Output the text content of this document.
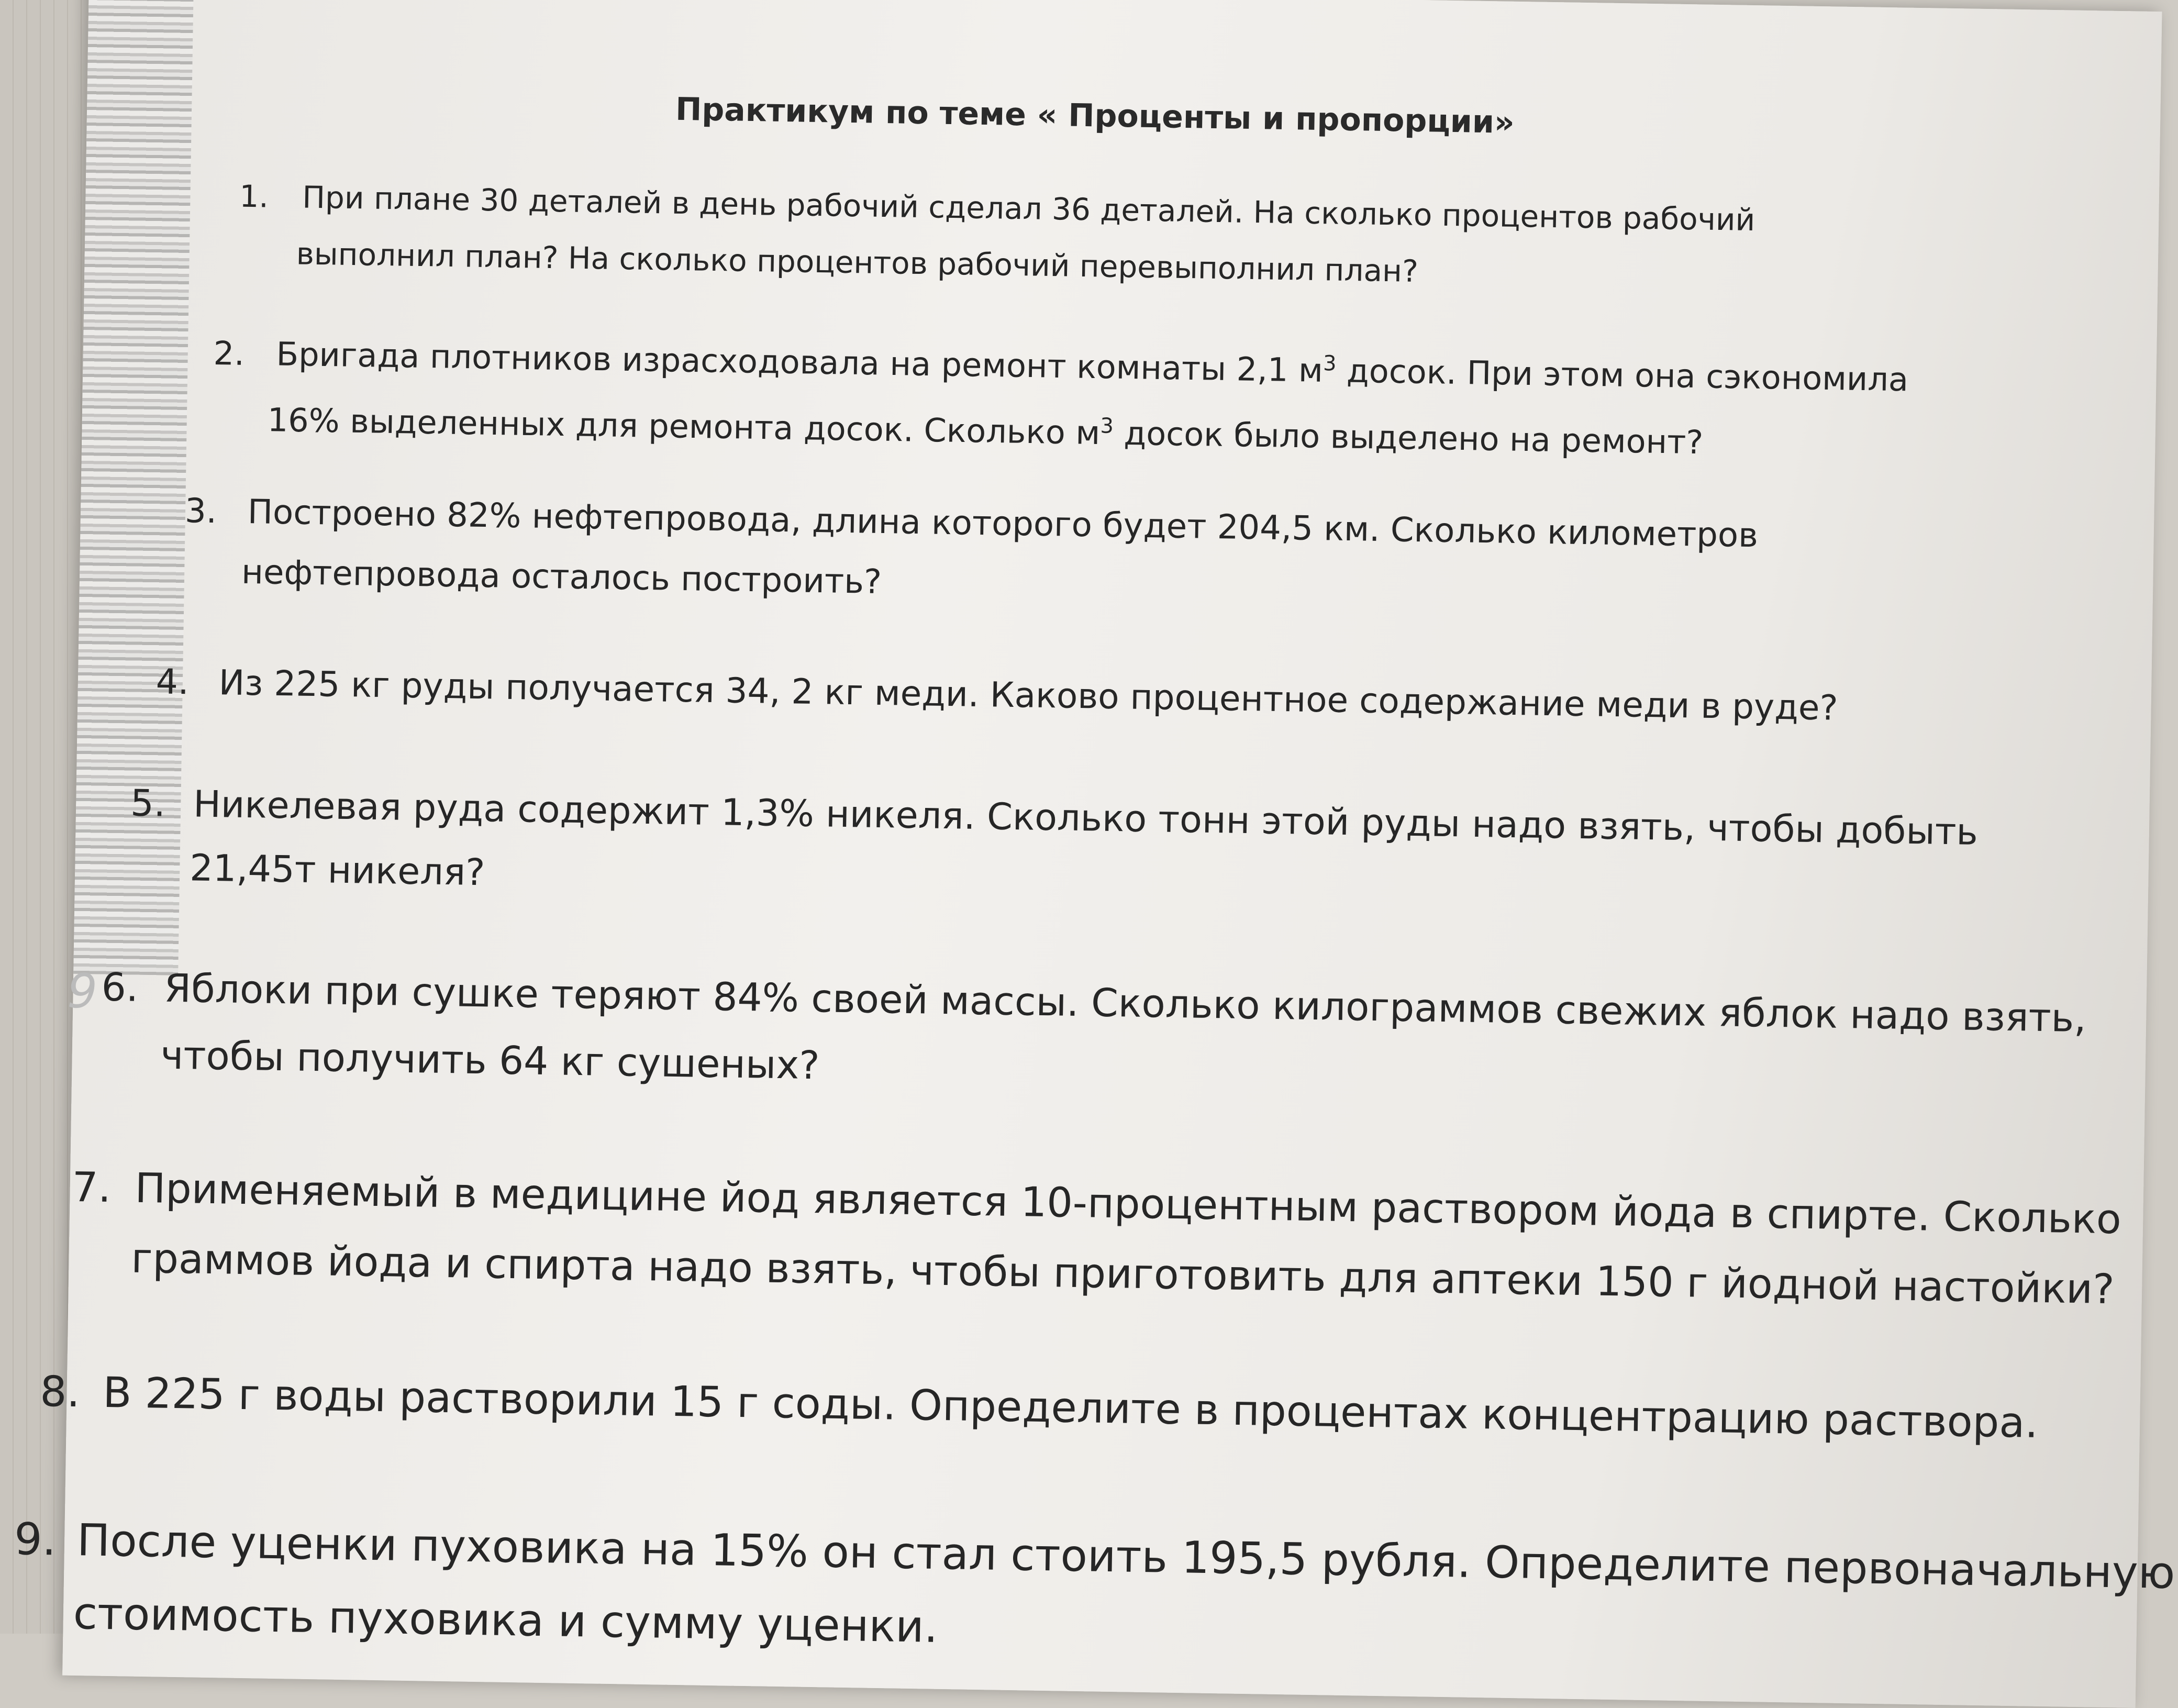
Практикум по теме « Проценты и пропорции»
9
1. При плане 30 деталей в день рабочий сделал 36 деталей. На сколько процентов рабочий
выполнил план? На сколько процентов рабочий перевыполнил план?
2. Бригада плотников израсходовала на ремонт комнаты 2,1 $м^3$ досок. При этом она сэкономила
16% выделенных для ремонта досок. Сколько $м^3$ досок было выделено на ремонт?
3. Построено 82% нефтепровода, длина которого будет 204,5 км. Сколько километров
нефтепровода осталось построить?
4. Из 225 кг руды получается 34, 2 кг меди. Каково процентное содержание меди в руде?
5. Никелевая руда содержит 1,3% никеля. Сколько тонн этой руды надо взять, чтобы добыть
21,45т никеля?
6. Яблоки при сушке теряют 84% своей массы. Сколько килограммов свежих яблок надо взять,
чтобы получить 64 кг сушеных?
7. Применяемый в медицине йод является 10-процентным раствором йода в спирте. Сколько
граммов йода и спирта надо взять, чтобы приготовить для аптеки 150 г йодной настойки?
8. В 225 г воды растворили 15 г соды. Определите в процентах концентрацию раствора.
9. После уценки пуховика на 15% он стал стоить 195,5 рубля. Определите первоначальную
стоимость пуховика и сумму уценки.
